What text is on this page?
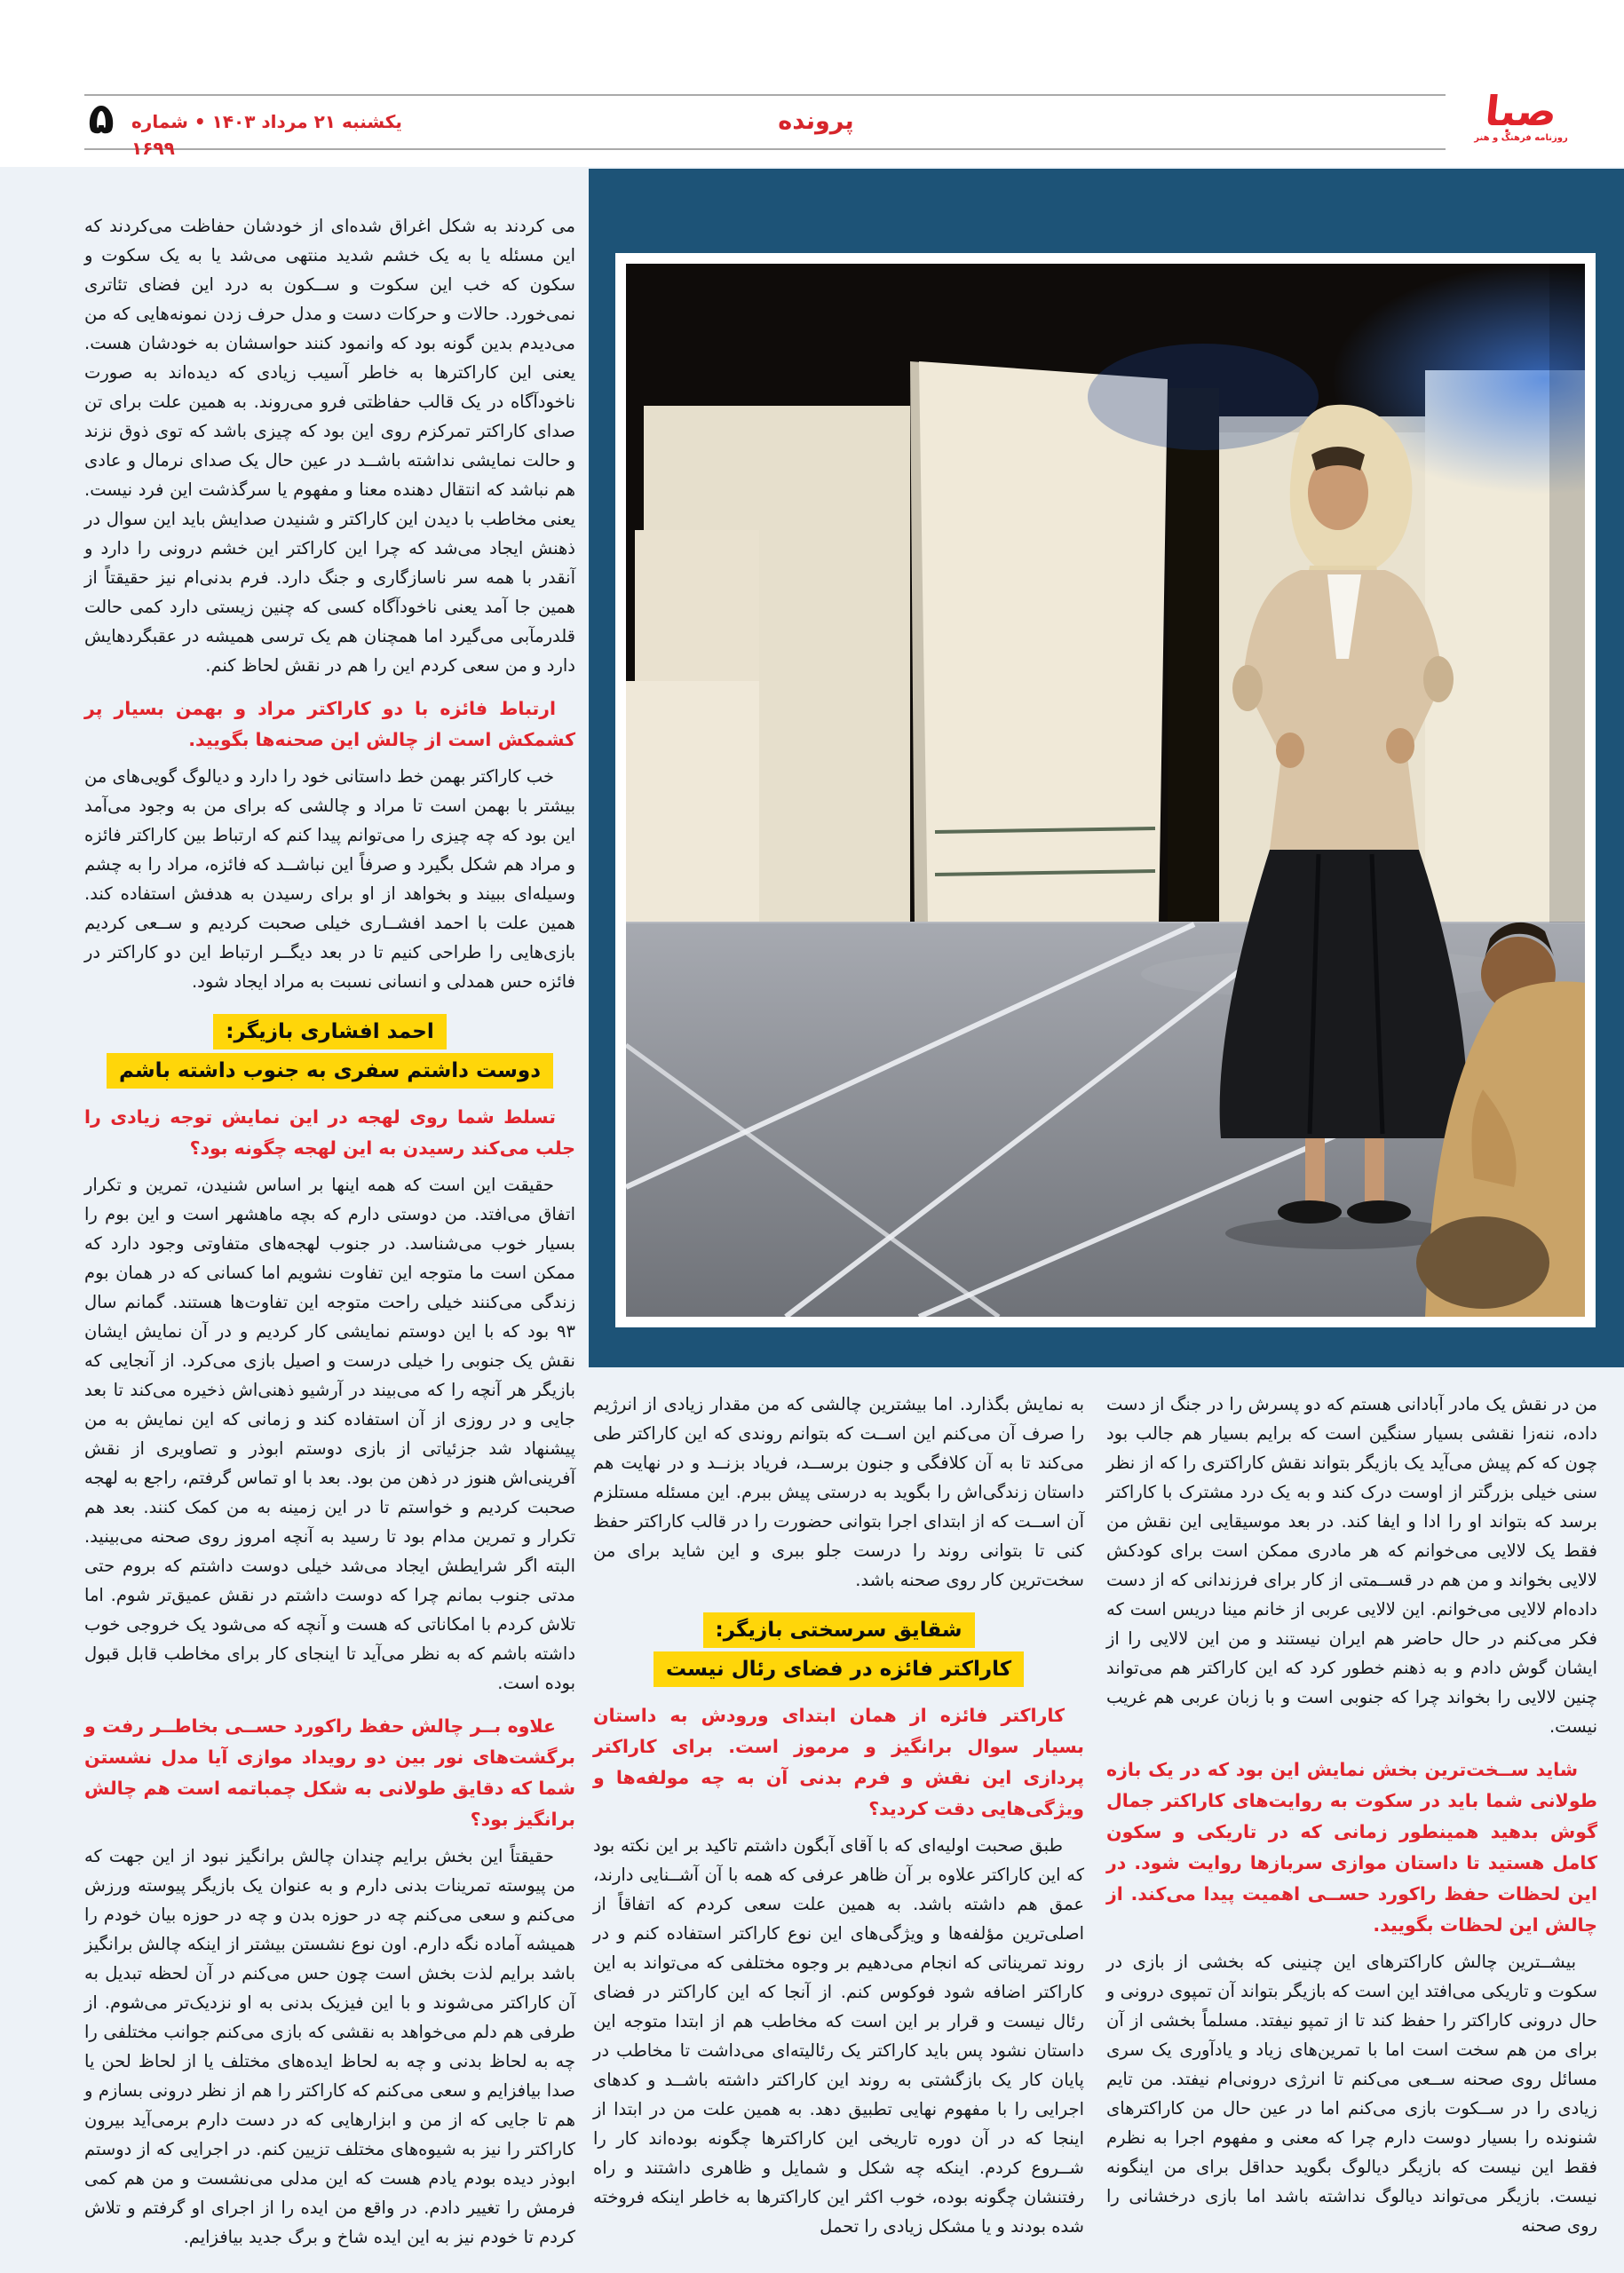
۵ یکشنبه ۲۱ مرداد ۱۴۰۳ • شماره ۱۶۹۹
پرونده	صبا
روزنامه فرهنگ و هنر

می کردند به شکل اغراق شده‌ای از خودشان حفاظت می‌کردند که این مسئله یا به یک خشم شدید منتهی می‌شد یا به یک سکوت و سکون که خب این سکوت و ســکون به درد این فضای تئاتری نمی‌خورد. حالات و حرکات دست و مدل حرف زدن نمونه‌هایی که من می‌دیدم بدین گونه بود که وانمود کنند حواسشان به خودشان هست. یعنی این کاراکترها به خاطر آسیب زیادی که دیده‌اند به صورت ناخودآگاه در یک قالب حفاظتی فرو می‌روند. به همین علت برای تن صدای کاراکتر تمرکزم روی این بود که چیزی باشد که توی ذوق نزند و حالت نمایشی نداشته باشــد در عین حال یک صدای نرمال و عادی هم نباشد که انتقال دهنده معنا و مفهوم یا سرگذشت این فرد نیست. یعنی مخاطب با دیدن این کاراکتر و شنیدن صدایش باید این سوال در ذهنش ایجاد می‌شد که چرا این کاراکتر این خشم درونی را دارد و آنقدر با همه سر ناسازگاری و جنگ دارد. فرم بدنی‌ام نیز حقیقتاً از همین جا آمد یعنی ناخودآگاه کسی که چنین زیستی دارد کمی حالت قلدرمآبی می‌گیرد اما همچنان هم یک ترسی همیشه در عقبگردهایش دارد و من سعی کردم این را هم در نقش لحاظ کنم.

ارتباط فائزه با دو کاراکتر مراد و بهمن بسیار پر کشمکش است از چالش این صحنه‌ها بگویید.

خب کاراکتر بهمن خط داستانی خود را دارد و دیالوگ گویی‌های من بیشتر با بهمن است تا مراد و چالشی که برای من به وجود می‌آمد این بود که چه چیزی را می‌توانم پیدا کنم که ارتباط بین کاراکتر فائزه و مراد هم شکل بگیرد و صرفاً این نباشــد که فائزه، مراد را به چشم وسیله‌ای ببیند و بخواهد از او برای رسیدن به هدفش استفاده کند. همین علت با احمد افشــاری خیلی صحبت کردیم و ســعی کردیم بازی‌هایی را طراحی کنیم تا در بعد دیگــر ارتباط این دو کاراکتر در فائزه حس همدلی و انسانی نسبت به مراد ایجاد شود.

احمد افشاری بازیگر:
دوست داشتم سفری به جنوب داشته باشم

تسلط شما روی لهجه در این نمایش توجه زیادی را جلب می‌کند رسیدن به این لهجه چگونه بود؟

حقیقت این است که همه اینها بر اساس شنیدن، تمرین و تکرار اتفاق می‌افتد. من دوستی دارم که بچه ماهشهر است و این بوم را بسیار خوب می‌شناسد. در جنوب لهجه‌های متفاوتی وجود دارد که ممکن است ما متوجه این تفاوت نشویم اما کسانی که در همان بوم زندگی می‌کنند خیلی راحت متوجه این تفاوت‌ها هستند. گمانم سال ۹۳ بود که با این دوستم نمایشی کار کردیم و در آن نمایش ایشان نقش یک جنوبی را خیلی درست و اصیل بازی می‌کرد. از آنجایی که بازیگر هر آنچه را که می‌بیند در آرشیو ذهنی‌اش ذخیره می‌کند تا بعد جایی و در روزی از آن استفاده کند و زمانی که این نمایش به من پیشنهاد شد جزئیاتی از بازی دوستم ابوذر و تصاویری از نقش آفرینی‌اش هنوز در ذهن من بود. بعد با او تماس گرفتم، راجع به لهجه صحبت کردیم و خواستم تا در این زمینه به من کمک کنند. بعد هم تکرار و تمرین مدام بود تا رسید به آنچه امروز روی صحنه می‌بینید. البته اگر شرایطش ایجاد می‌شد خیلی دوست داشتم که بروم حتی مدتی جنوب بمانم چرا که دوست داشتم در نقش عمیق‌تر شوم. اما تلاش کردم با امکاناتی که هست و آنچه که می‌شود یک خروجی خوب داشته باشم که به نظر می‌آید تا اینجای کار برای مخاطب قابل قبول بوده است.

علاوه بــر چالش حفظ راکورد حســی بخاطــر رفت و برگشت‌های نور بین دو رویداد موازی آیا مدل نشستن شما که دقایق طولانی به شکل چمباتمه است هم چالش برانگیز بود؟

حقیقتاً این بخش برایم چندان چالش برانگیز نبود از این جهت که من پیوسته تمرینات بدنی دارم و به عنوان یک بازیگر پیوسته ورزش می‌کنم و سعی می‌کنم چه در حوزه بدن و چه در حوزه بیان خودم را همیشه آماده نگه دارم. اون نوع نشستن بیشتر از اینکه چالش برانگیز باشد برایم لذت بخش است چون حس می‌کنم در آن لحظه تبدیل به آن کاراکتر می‌شوند و با این فیزیک بدنی به او نزدیک‌تر می‌شوم. از طرفی هم دلم می‌خواهد به نقشی که بازی می‌کنم جوانب مختلفی را چه به لحاظ بدنی و چه به لحاظ ایده‌های مختلف یا از لحاظ لحن یا صدا بیافزایم و سعی می‌کنم که کاراکتر را هم از نظر درونی بسازم و هم تا جایی که از من و ابزارهایی که در دست دارم برمی‌آید بیرون کاراکتر را نیز به شیوه‌های مختلف تزیین کنم. در اجرایی که از دوستم ابوذر دیده بودم یادم هست که این مدلی می‌نشست و من هم کمی فرمش را تغییر دادم. در واقع من ایده را از اجرای او گرفتم و تلاش کردم تا خودم نیز به این ایده شاخ و برگ جدید بیافزایم.

به نمایش بگذارد. اما بیشترین چالشی که من مقدار زیادی از انرژیم را صرف آن می‌کنم این اســت که بتوانم روندی که این کاراکتر طی می‌کند تا به آن کلافگی و جنون برســد، فریاد بزنــد و در نهایت هم داستان زندگی‌اش را بگوید به درستی پیش ببرم. این مسئله مستلزم آن اســت که از ابتدای اجرا بتوانی حضورت را در قالب کاراکتر حفظ کنی تا بتوانی روند را درست جلو ببری و این شاید برای من سخت‌ترین کار روی صحنه باشد.

شقایق سرسختی بازیگر:
کاراکتر فائزه در فضای رئال نیست

کاراکتر فائزه از همان ابتدای ورودش به داستان بسیار سوال برانگیز و مرموز است. برای کاراکتر پردازی این نقش و فرم بدنی آن به چه مولفه‌ها و ویژگی‌هایی دقت کردید؟

طبق صحبت اولیه‌ای که با آقای آبگون داشتم تاکید بر این نکته بود که این کاراکتر علاوه بر آن ظاهر عرفی که همه با آن آشــنایی دارند، عمق هم داشته باشد. به همین علت سعی کردم که اتفاقاً از اصلی‌ترین مؤلفه‌ها و ویژگی‌های این نوع کاراکتر استفاده کنم و در روند تمریناتی که انجام می‌دهیم بر وجوه مختلفی که می‌تواند به این کاراکتر اضافه شود فوکوس کنم. از آنجا که این کاراکتر در فضای رئال نیست و قرار بر این است که مخاطب هم از ابتدا متوجه این داستان نشود پس باید کاراکتر یک رئالیته‌ای می‌داشت تا مخاطب در پایان کار یک بازگشتی به روند این کاراکتر داشته باشــد و کدهای اجرایی را با مفهوم نهایی تطبیق دهد. به همین علت من در ابتدا از اینجا که در آن دوره تاریخی این کاراکترها چگونه بوده‌اند کار را شــروع کردم. اینکه چه شکل و شمایل و ظاهری داشتند و راه رفتنشان چگونه بوده، خوب اکثر این کاراکترها به خاطر اینکه فروخته شده بودند و یا مشکل زیادی را تحمل

من در نقش یک مادر آبادانی هستم که دو پسرش را در جنگ از دست داده، ننه‌زا نقشی بسیار سنگین است که برایم بسیار هم جالب بود چون که کم پیش می‌آید یک بازیگر بتواند نقش کاراکتری را که از نظر سنی خیلی بزرگتر از اوست درک کند و به یک درد مشترک با کاراکتر برسد که بتواند او را ادا و ایفا کند. در بعد موسیقایی این نقش من فقط یک لالایی می‌خوانم که هر مادری ممکن است برای کودکش لالایی بخواند و من هم در قســمتی از کار برای فرزندانی که از دست داده‌ام لالایی می‌خوانم. این لالایی عربی از خانم مینا دریس است که فکر می‌کنم در حال حاضر هم ایران نیستند و من این لالایی را از ایشان گوش دادم و به ذهنم خطور کرد که این کاراکتر هم می‌تواند چنین لالایی را بخواند چرا که جنوبی است و با زبان عربی هم غریب نیست.

شاید ســخت‌ترین بخش نمایش این بود که در یک بازه طولانی شما باید در سکوت به روایت‌های کاراکتر جمال گوش بدهید همینطور زمانی که در تاریکی و سکون کامل هستید تا داستان موازی سربازها روایت شود. در این لحظات حفظ راکورد حســی اهمیت پیدا می‌کند. از چالش این لحظات بگویید.

بیشــترین چالش کاراکترهای این چنینی که بخشی از بازی در سکوت و تاریکی می‌افتد این است که بازیگر بتواند آن تمپوی درونی و حال درونی کاراکتر را حفظ کند تا از تمپو نیفتد. مسلماً بخشی از آن برای من هم سخت است اما با تمرین‌های زیاد و یادآوری یک سری مسائل روی صحنه ســعی می‌کنم تا انرژی درونی‌ام نیفتد. من تایم زیادی را در ســکوت بازی می‌کنم اما در عین حال من کاراکترهای شنونده را بسیار دوست دارم چرا که معنی و مفهوم اجرا به نظرم فقط این نیست که بازیگر دیالوگ بگوید حداقل برای من اینگونه نیست. بازیگر می‌تواند دیالوگ نداشته باشد اما بازی درخشانی را روی صحنه
